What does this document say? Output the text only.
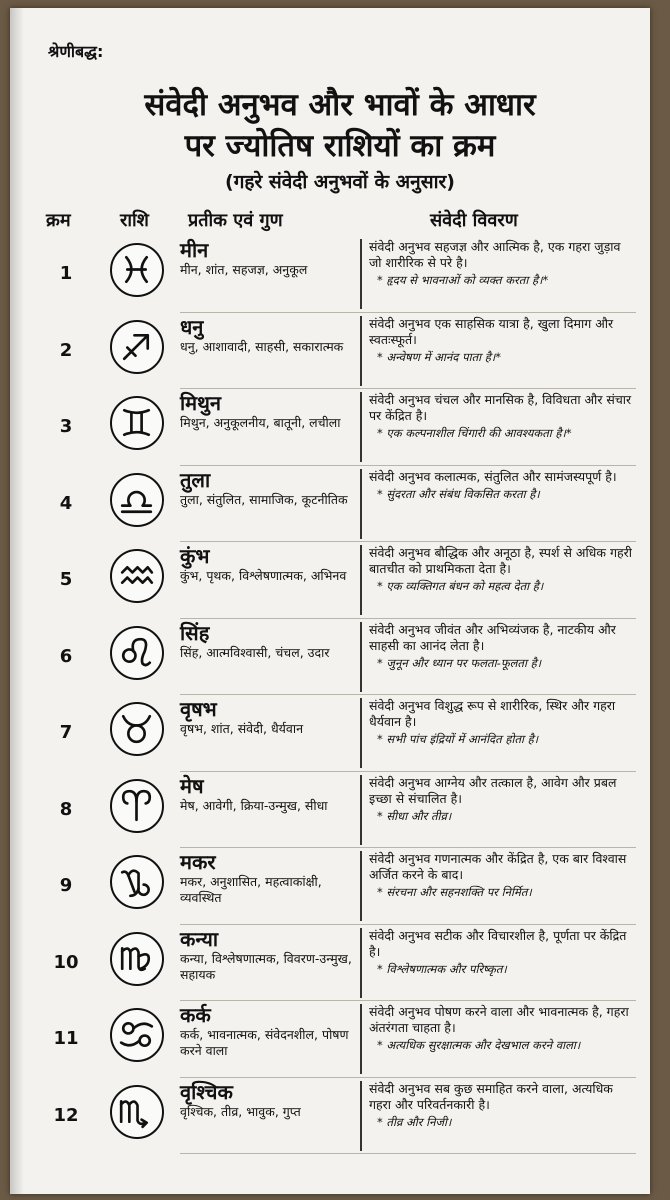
श्रेणीबद्ध:
संवेदी अनुभव और भावों के आधार
पर ज्योतिष राशियों का क्रम
(गहरे संवेदी अनुभवों के अनुसार)
क्रम	राशि प्रतीक एवं गुण	संवेदी विवरण
1
मीन
मीन, शांत, सहजज्ञ, अनुकूल
संवेदी अनुभव सहजज्ञ और आत्मिक है, एक गहरा जुड़ाव जो शारीरिक से परे है।
* हृदय से भावनाओं को व्यक्त करता है।*
2
धनु
धनु, आशावादी, साहसी, सकारात्मक
संवेदी अनुभव एक साहसिक यात्रा है, खुला दिमाग और स्वतःस्फूर्त।
* अन्वेषण में आनंद पाता है।*
3
मिथुन
मिथुन, अनुकूलनीय, बातूनी, लचीला
संवेदी अनुभव चंचल और मानसिक है, विविधता और संचार पर केंद्रित है।
* एक कल्पनाशील चिंगारी की आवश्यकता है।*
4
तुला
तुला, संतुलित, सामाजिक, कूटनीतिक
संवेदी अनुभव कलात्मक, संतुलित और सामंजस्यपूर्ण है।
* सुंदरता और संबंध विकसित करता है।
5
कुंभ
कुंभ, पृथक, विश्लेषणात्मक, अभिनव
संवेदी अनुभव बौद्धिक और अनूठा है, स्पर्श से अधिक गहरी बातचीत को प्राथमिकता देता है।
* एक व्यक्तिगत बंधन को महत्व देता है।
6
सिंह
सिंह, आत्मविश्वासी, चंचल, उदार
संवेदी अनुभव जीवंत और अभिव्यंजक है, नाटकीय और साहसी का आनंद लेता है।
* जुनून और ध्यान पर फलता-फूलता है।
7
वृषभ
वृषभ, शांत, संवेदी, धैर्यवान
संवेदी अनुभव विशुद्ध रूप से शारीरिक, स्थिर और गहरा धैर्यवान है।
* सभी पांच इंद्रियों में आनंदित होता है।
8
मेष
मेष, आवेगी, क्रिया-उन्मुख, सीधा
संवेदी अनुभव आग्नेय और तत्काल है, आवेग और प्रबल इच्छा से संचालित है।
* सीधा और तीव्र।
9
मकर
मकर, अनुशासित, महत्वाकांक्षी, व्यवस्थित
संवेदी अनुभव गणनात्मक और केंद्रित है, एक बार विश्वास अर्जित करने के बाद।
* संरचना और सहनशक्ति पर निर्मित।
10
कन्या
कन्या, विश्लेषणात्मक, विवरण-उन्मुख, सहायक
संवेदी अनुभव सटीक और विचारशील है, पूर्णता पर केंद्रित है।
* विश्लेषणात्मक और परिष्कृत।
11
कर्क
कर्क, भावनात्मक, संवेदनशील, पोषण करने वाला
संवेदी अनुभव पोषण करने वाला और भावनात्मक है, गहरा अंतरंगता चाहता है।
* अत्यधिक सुरक्षात्मक और देखभाल करने वाला।
12
वृश्चिक
वृश्चिक, तीव्र, भावुक, गुप्त
संवेदी अनुभव सब कुछ समाहित करने वाला, अत्यधिक गहरा और परिवर्तनकारी है।
* तीव्र और निजी।
